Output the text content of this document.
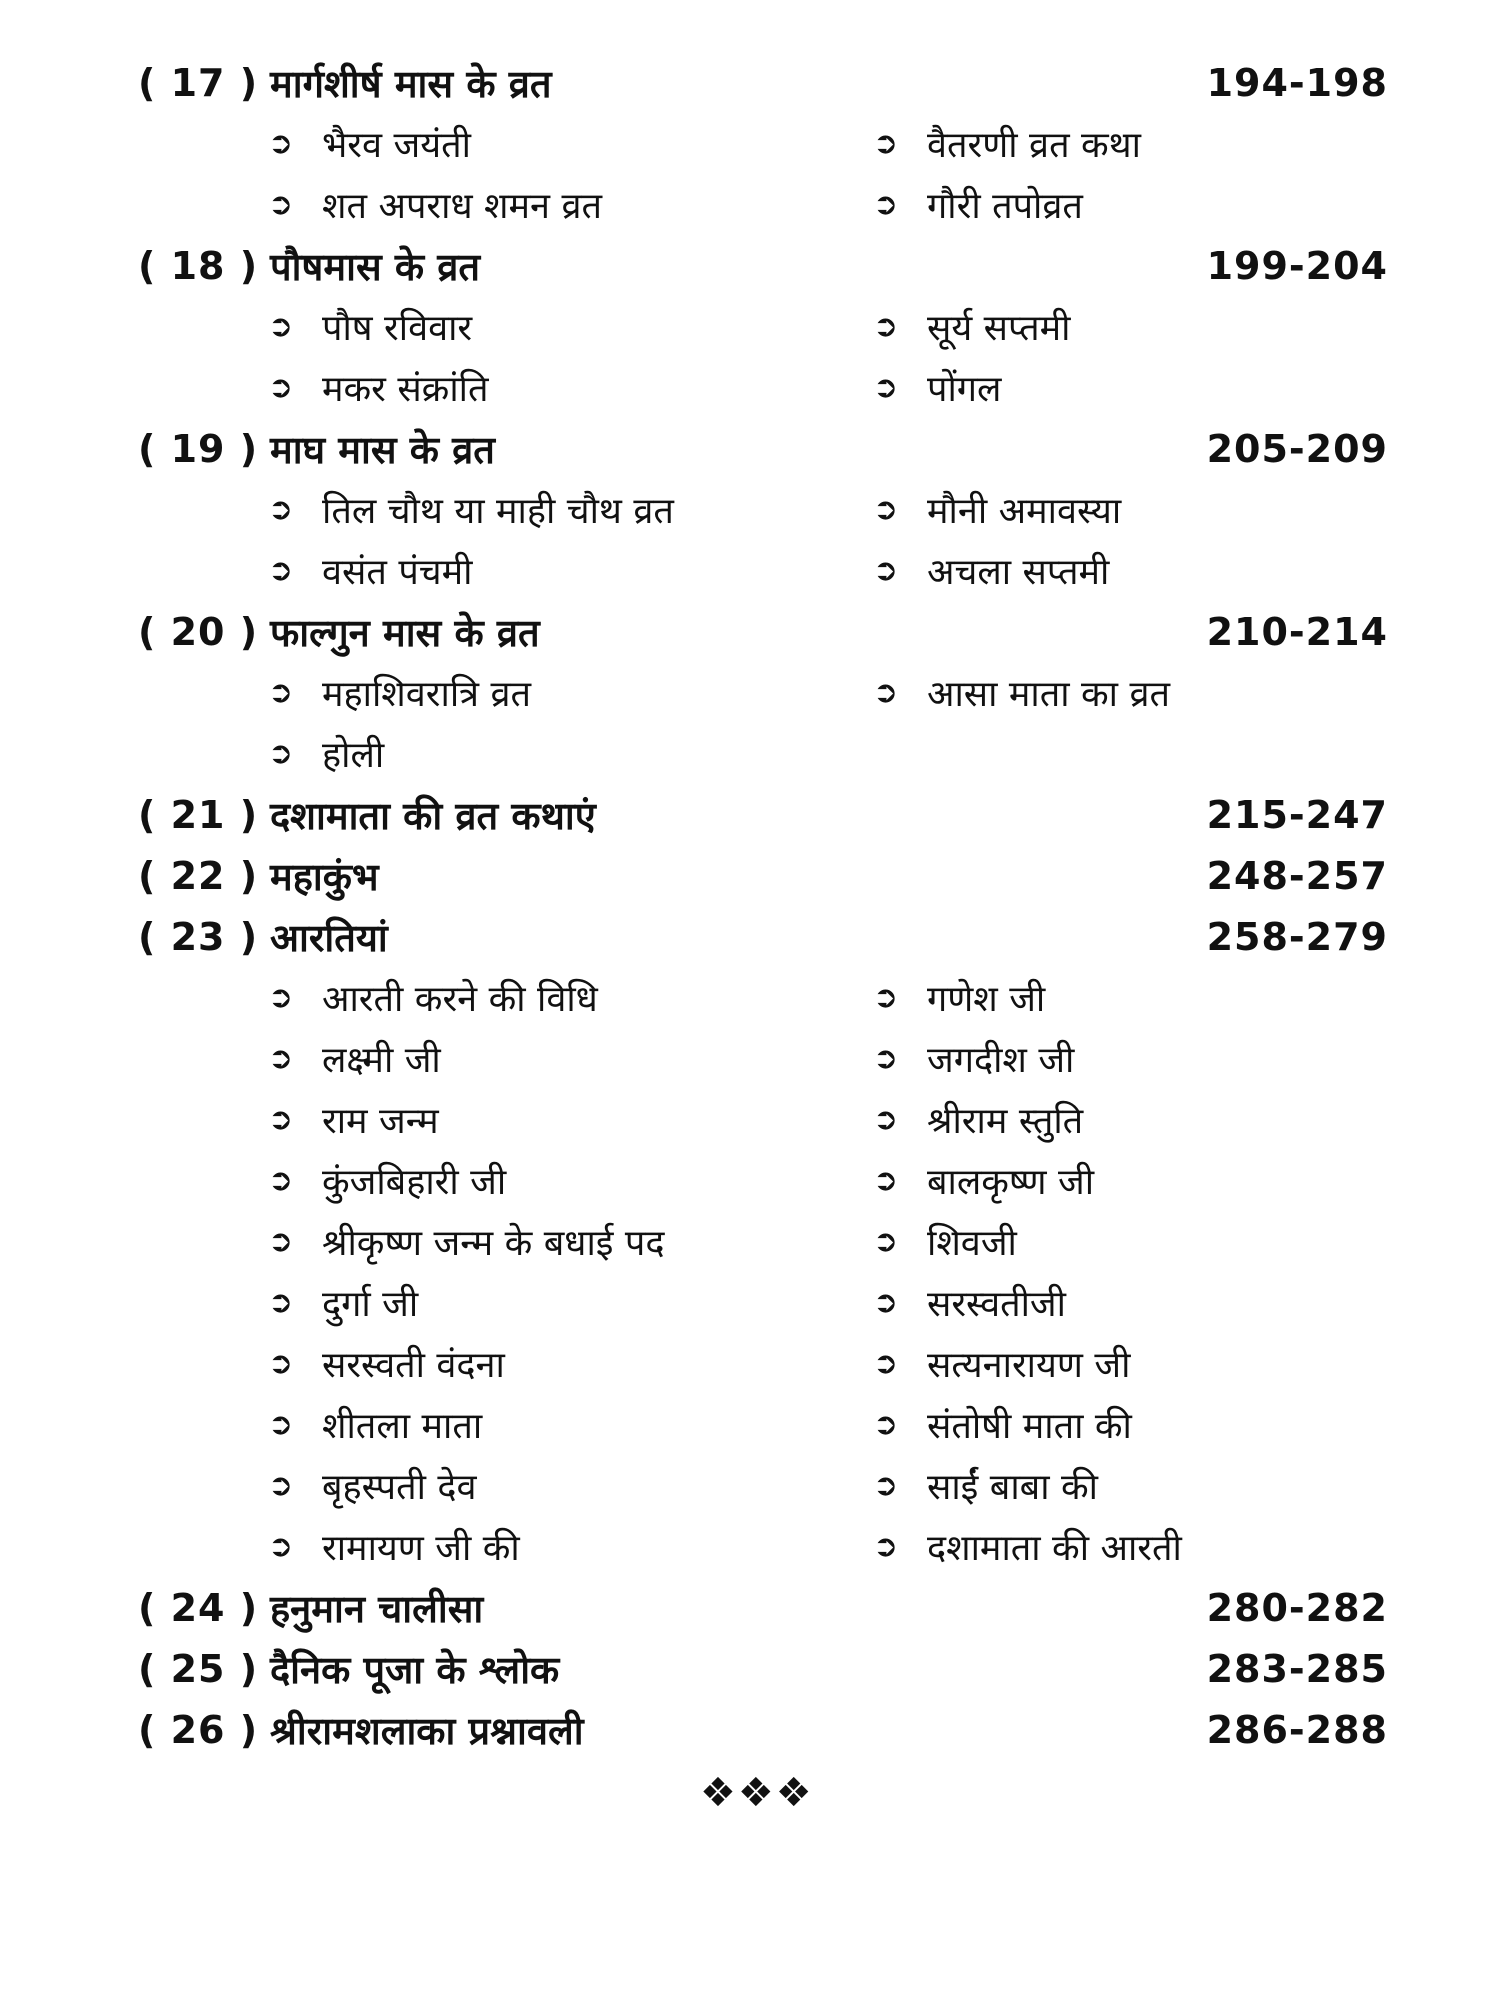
( 17 ) मार्गशीर्ष मास के व्रत	194-198
➲ भैरव जयंती	➲ वैतरणी व्रत कथा
➲ शत अपराध शमन व्रत	➲ गौरी तपोव्रत
( 18 ) पौषमास के व्रत	199-204
➲ पौष रविवार	➲ सूर्य सप्तमी
➲ मकर संक्रांति	➲ पोंगल
( 19 ) माघ मास के व्रत	205-209
➲ तिल चौथ या माही चौथ व्रत	➲ मौनी अमावस्या
➲ वसंत पंचमी	➲ अचला सप्तमी
( 20 ) फाल्गुन मास के व्रत	210-214
➲ महाशिवरात्रि व्रत	➲ आसा माता का व्रत
➲ होली
( 21 ) दशामाता की व्रत कथाएं	215-247
( 22 ) महाकुंभ	248-257
( 23 ) आरतियां	258-279
➲ आरती करने की विधि	➲ गणेश जी
➲ लक्ष्मी जी	➲ जगदीश जी
➲ राम जन्म	➲ श्रीराम स्तुति
➲ कुंजबिहारी जी	➲ बालकृष्ण जी
➲ श्रीकृष्ण जन्म के बधाई पद	➲ शिवजी
➲ दुर्गा जी	➲ सरस्वतीजी
➲ सरस्वती वंदना	➲ सत्यनारायण जी
➲ शीतला माता	➲ संतोषी माता की
➲ बृहस्पती देव	➲ साईं बाबा की
➲ रामायण जी की	➲ दशामाता की आरती
( 24 ) हनुमान चालीसा	280-282
( 25 ) दैनिक पूजा के श्लोक	283-285
( 26 ) श्रीरामशलाका प्रश्नावली	286-288
❖❖❖
